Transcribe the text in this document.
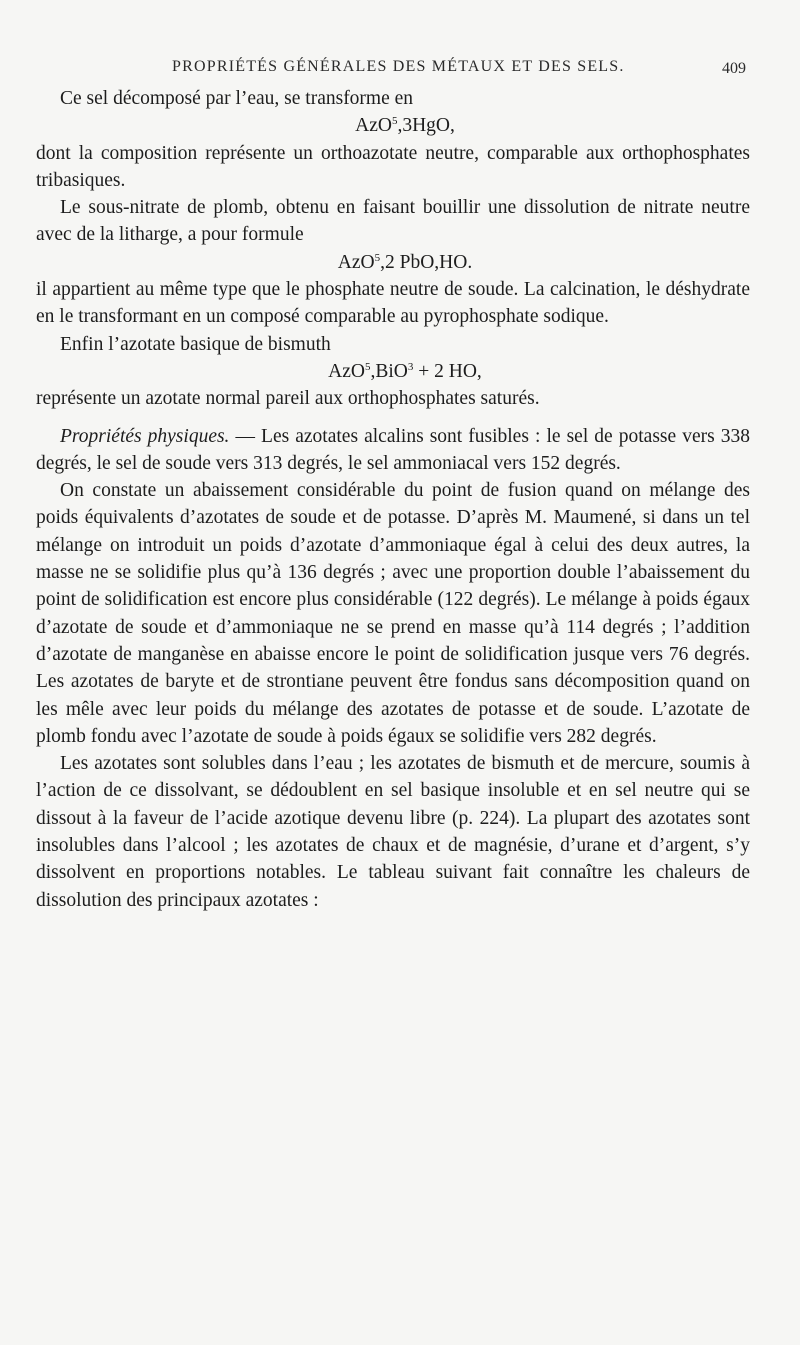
PROPRIÉTÉS GÉNÉRALES DES MÉTAUX ET DES SELS.	409

Ce sel décomposé par l’eau, se transforme en

AzO$^5$,3HgO,

dont la composition représente un orthoazotate neutre, comparable aux orthophosphates tribasiques.

Le sous-nitrate de plomb, obtenu en faisant bouillir une dissolution de nitrate neutre avec de la litharge, a pour formule

AzO$^5$,2 PbO,HO.

il appartient au même type que le phosphate neutre de soude. La calcination, le déshydrate en le transformant en un composé comparable au pyrophosphate sodique.

Enfin l’azotate basique de bismuth

AzO$^5$,BiO$^3$ + 2 HO,

représente un azotate normal pareil aux orthophosphates saturés.

Propriétés physiques. — Les azotates alcalins sont fusibles : le sel de potasse vers 338 degrés, le sel de soude vers 313 degrés, le sel ammoniacal vers 152 degrés.

On constate un abaissement considérable du point de fusion quand on mélange des poids équivalents d’azotates de soude et de potasse. D’après M. Maumené, si dans un tel mélange on introduit un poids d’azotate d’ammoniaque égal à celui des deux autres, la masse ne se solidifie plus qu’à 136 degrés ; avec une proportion double l’abaissement du point de solidification est encore plus considérable (122 degrés). Le mélange à poids égaux d’azotate de soude et d’ammoniaque ne se prend en masse qu’à 114 degrés ; l’addition d’azotate de manganèse en abaisse encore le point de solidification jusque vers 76 degrés. Les azotates de baryte et de strontiane peuvent être fondus sans décomposition quand on les mêle avec leur poids du mélange des azotates de potasse et de soude. L’azotate de plomb fondu avec l’azotate de soude à poids égaux se solidifie vers 282 degrés.

Les azotates sont solubles dans l’eau ; les azotates de bismuth et de mercure, soumis à l’action de ce dissolvant, se dédoublent en sel basique insoluble et en sel neutre qui se dissout à la faveur de l’acide azotique devenu libre (p. 224). La plupart des azotates sont insolubles dans l’alcool ; les azotates de chaux et de magnésie, d’urane et d’argent, s’y dissolvent en proportions notables. Le tableau suivant fait connaître les chaleurs de dissolution des principaux azotates :
